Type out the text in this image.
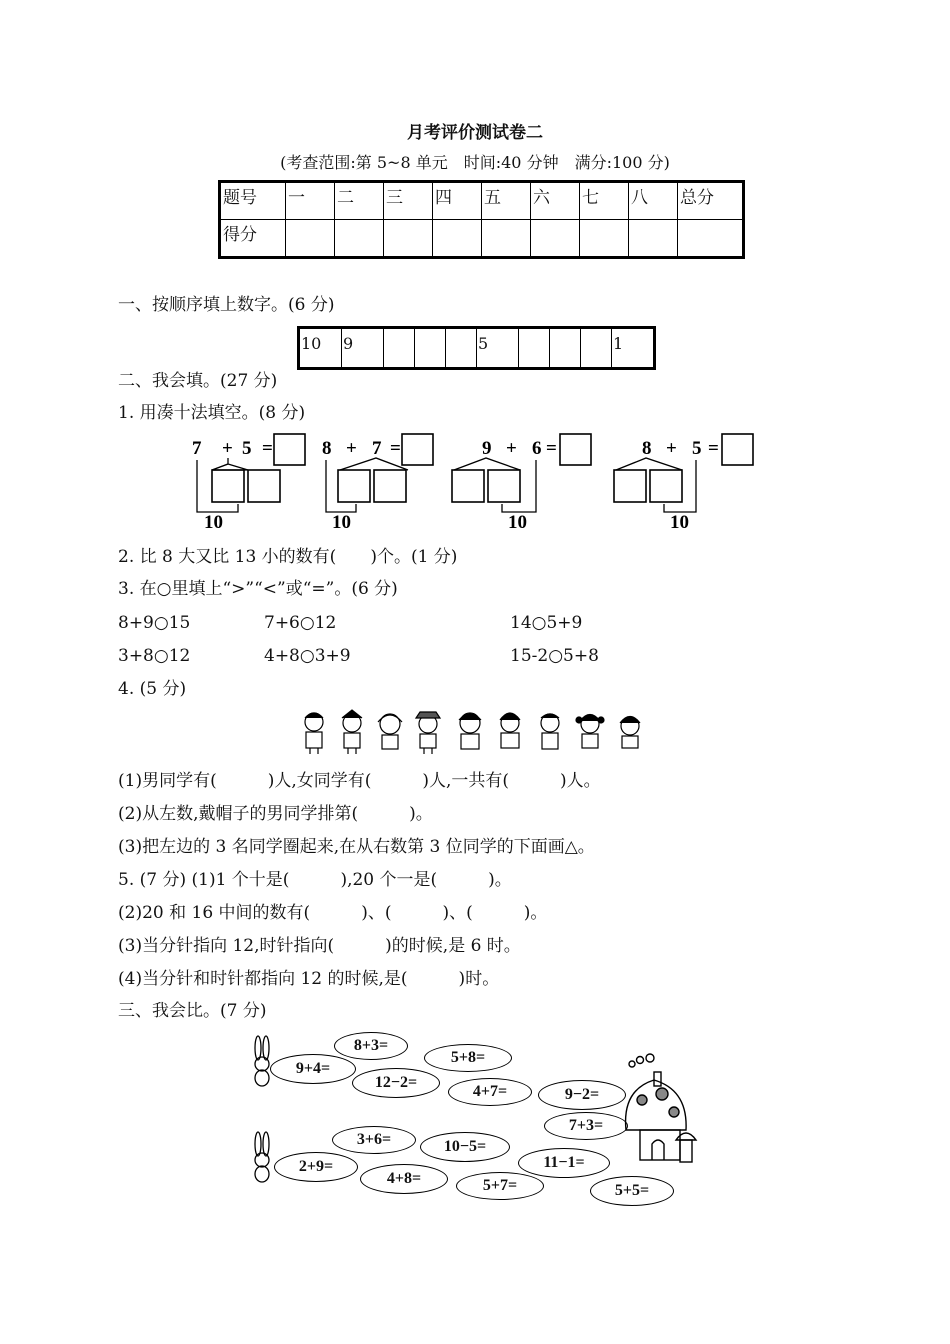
月考评价测试卷二
(考查范围:第 5~8 单元　时间:40 分钟　满分:100 分)
题号	一	二	三	四	五	六	七	八	总分
得分									
一、按顺序填上数字。(6 分)
10	9				5				1
二、我会填。(27 分)
1. 用凑十法填空。(8 分)
7 + 5 =
10
8 + 7 =
10
9 + 6 =
10
8 + 5 =
10
2. 比 8 大又比 13 小的数有(　　)个。(1 分)
3. 在○里填上“>”“<”或“=”。(6 分)
8+9○15	7+6○12	14○5+9
3+8○12	4+8○3+9	15-2○5+8
4. (5 分)
(1)男同学有(　　　)人,女同学有(　　　)人,一共有(　　　)人。
(2)从左数,戴帽子的男同学排第(　　　)。
(3)把左边的 3 名同学圈起来,在从右数第 3 位同学的下面画△。
5. (7 分) (1)1 个十是(　　　),20 个一是(　　　)。
(2)20 和 16 中间的数有(　　　)、(　　　)、(　　　)。
(3)当分针指向 12,时针指向(　　　)的时候,是 6 时。
(4)当分针和时针都指向 12 的时候,是(　　　)时。
三、我会比。(7 分)
8+3=
5+8=
9+4=
12−2=
4+7=	9−2=
7+3=
3+6=	10−5=
11−1=
2+9=
4+8=	5+7=	5+5=
